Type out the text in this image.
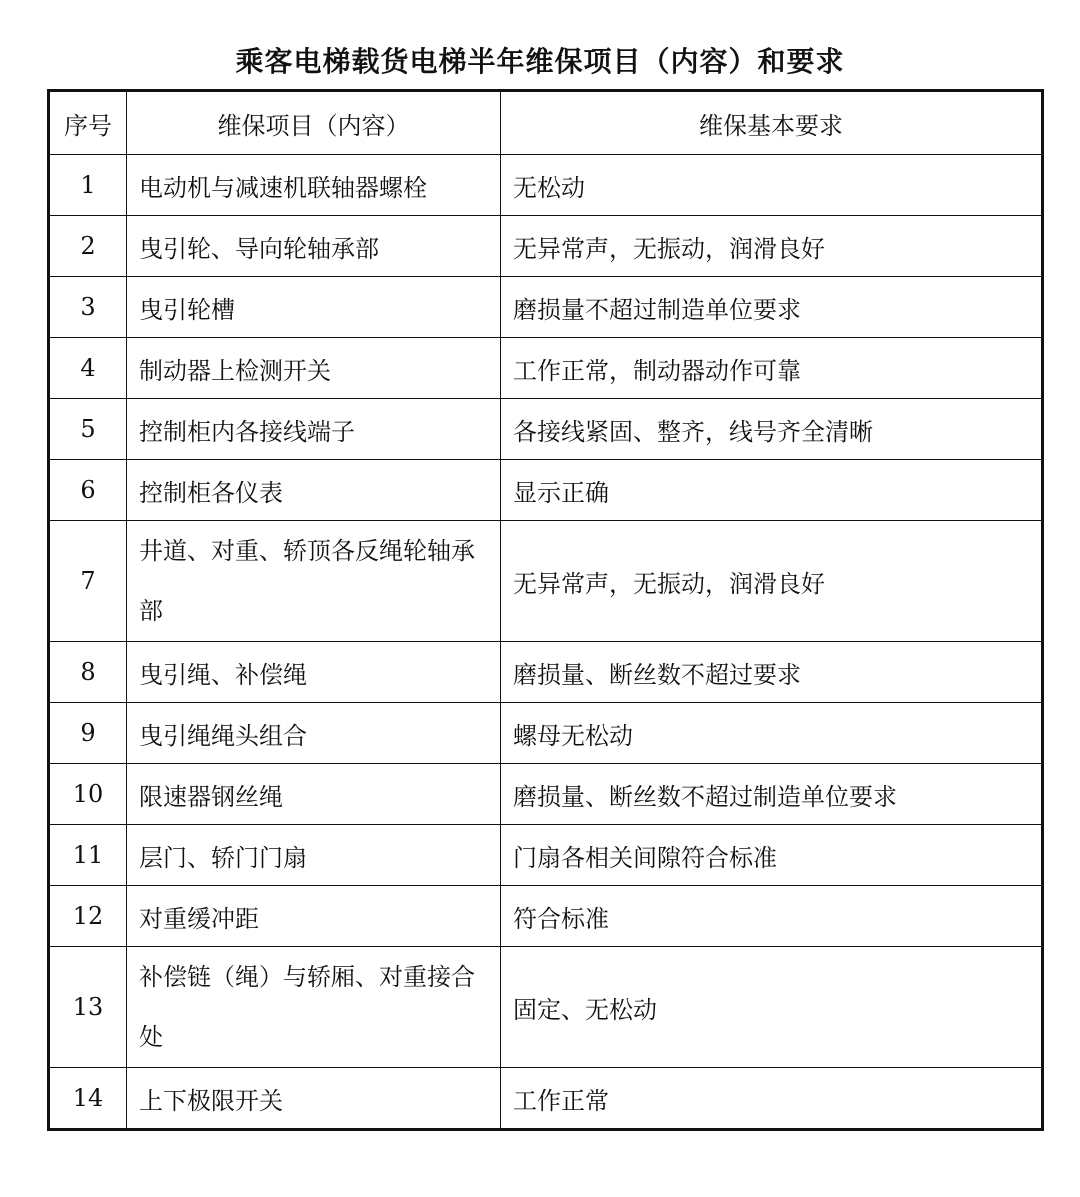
乘客电梯载货电梯半年维保项目（内容）和要求
序号	维保项目（内容）	维保基本要求
1	电动机与减速机联轴器螺栓	无松动
2	曳引轮、导向轮轴承部	无异常声，无振动，润滑良好
3	曳引轮槽	磨损量不超过制造单位要求
4	制动器上检测开关	工作正常，制动器动作可靠
5	控制柜内各接线端子	各接线紧固、整齐，线号齐全清晰
6	控制柜各仪表	显示正确
7	井道、对重、轿顶各反绳轮轴承部	无异常声，无振动，润滑良好
8	曳引绳、补偿绳	磨损量、断丝数不超过要求
9	曳引绳绳头组合	螺母无松动
10	限速器钢丝绳	磨损量、断丝数不超过制造单位要求
11	层门、轿门门扇	门扇各相关间隙符合标准
12	对重缓冲距	符合标准
13	补偿链（绳）与轿厢、对重接合处	固定、无松动
14	上下极限开关	工作正常
